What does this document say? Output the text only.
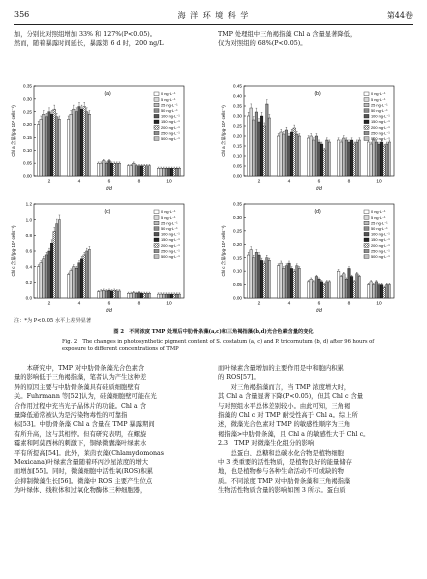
356	海 洋 环 境 科 学	第44卷
加，分别比对照组增加 33% 和 127%(P<0.05)。
然而，随着暴露时间延长，暴露第 6 d 时，200 ng/L
TMP 处理组中三角褐指藻 Chl a 含量显著降低，
仅为对照组的 68%(P<0.05)。
0.00
0.05
0.10
0.15
0.20
0.25
0.30
0.35
Chl a 含量/(pg·10⁴ cells⁻¹)
t/d
(a)
2	4	6	8	10
0 ng·L⁻¹
5 ng·L⁻¹
25 ng·L⁻¹
50 ng·L⁻¹
100 ng·L⁻¹
150 ng·L⁻¹
200 ng·L⁻¹
250 ng·L⁻¹
500 ng·L⁻¹
0.00
0.05
0.10
0.15
0.20
0.25
0.30
0.35
0.40
0.45
Chl a 含量/(pg·10⁴ cells⁻¹)
t/d
(b)
2	4	6	8	10
0 ng·L⁻¹
5 ng·L⁻¹
25 ng·L⁻¹
50 ng·L⁻¹
100 ng·L⁻¹
150 ng·L⁻¹
200 ng·L⁻¹
250 ng·L⁻¹
500 ng·L⁻¹
0.0
0.2
0.4
0.6
0.8
1.0
1.2
Chl c 含量/(pg·10⁴ cells⁻¹)
t/d
(c)
2	4	6	8	10
0 ng·L⁻¹
5 ng·L⁻¹
25 ng·L⁻¹
50 ng·L⁻¹
100 ng·L⁻¹
150 ng·L⁻¹
200 ng·L⁻¹
250 ng·L⁻¹
500 ng·L⁻¹
0.00
0.05
0.10
0.15
0.20
0.25
0.30
0.35
Chl c 含量/(pg·10⁴ cells⁻¹)
t/d
(d)
2	4	6	8	10
0 ng·L⁻¹
5 ng·L⁻¹
25 ng·L⁻¹
50 ng·L⁻¹
100 ng·L⁻¹
150 ng·L⁻¹
200 ng·L⁻¹
250 ng·L⁻¹
500 ng·L⁻¹
注：*为 P<0.05 水平上差异显著
图 2　不同浓度 TMP 处理后中肋骨条藻(a,c)和三角褐指藻(b,d)光合色素含量的变化
Fig. 2　The changes in photosynthetic pigment content of S. costatum (a, c) and P. tricornutum (b, d) after 96 hours of
exposure to different concentrations of TMP
　　本研究中，TMP 对中肋骨条藻光合色素含
量的影响低于三角褐指藻，笔者认为产生这种差
异的原因主要与中肋骨条藻具有硅质细胞壁有
关。Fuhrmann 等[52]认为，硅藻细胞壁可能在光
合作用过程中充当光子晶体片的功能。Chl a 含
量降低通常被认为是污染物毒性的可靠指
标[53]。中肋骨条藻 Chl a 含量在 TMP 暴露期间
有所升高，这与其相悖。但有研究表明，在螺旋
霉素和阿莫西林的刺激下，铜绿微囊藻叶绿素水
平有所提高[54]。此外，莱茵衣藻(Chlamydomonas
Mexicana)叶绿素含量随着环丙沙星浓度的增大
而增加[55]。同时，微藻细胞中活性氧(ROS)积累
会抑制微藻生长[56]。微藻中 ROS 主要产生位点
为叶绿体、线粒体和过氧化物酶体三种细胞器，
而叶绿素含量增加的主要作用是中和胞内积累
的 ROS[57]。
　　对三角褐指藻而言，当 TMP 浓度增大时，
其 Chl a 含量显著下降(P<0.05)，但其 Chl c 含量
与对照组水平总体差别较小。由此可知，三角褐
指藻的 Chl c 对 TMP 耐受性高于 Chl a。综上所
述，微藻光合色素对 TMP 的敏感性顺序为三角
褐指藻>中肋骨条藻，且 Chl a 的敏感性大于 Chl c。
2.3　TMP 对微藻生化组分的影响
　　总蛋白、总糖和总碳水化合物是植物细胞
中 3 类重要的活性物质，是植物良好的能量储存
地，也是植物参与各种生命活动不可或缺的物
质。不同浓度 TMP 对中肋骨条藻和三角褐指藻
生物活性物质含量的影响如图 3 所示。蛋白质
